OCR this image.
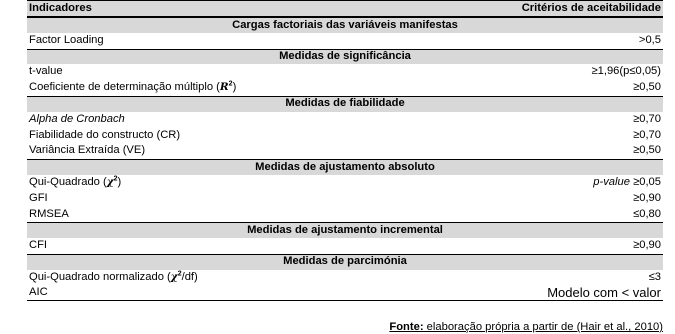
Indicadores	Critérios de aceitabilidade
Cargas factoriais das variáveis manifestas
Factor Loading	>0,5
Medidas de significância
t-value	≥1,96(p≤0,05)
Coeficiente de determinação múltiplo $(R^2)$	≥0,50
Medidas de fiabilidade
Alpha de Cronbach	≥0,70
Fiabilidade do constructo (CR)	≥0,70
Variância Extraída (VE)	≥0,50
Medidas de ajustamento absoluto
Qui-Quadrado $(\chi^2)$	p-value ≥0,05
GFI	≥0,90
RMSEA	≤0,80
Medidas de ajustamento incremental
CFI	≥0,90
Medidas de parcimónia
Qui-Quadrado normalizado $(\chi^2/df)$	≤3
AIC	Modelo com < valor
Fonte: elaboração própria a partir de (Hair et al., 2010)
